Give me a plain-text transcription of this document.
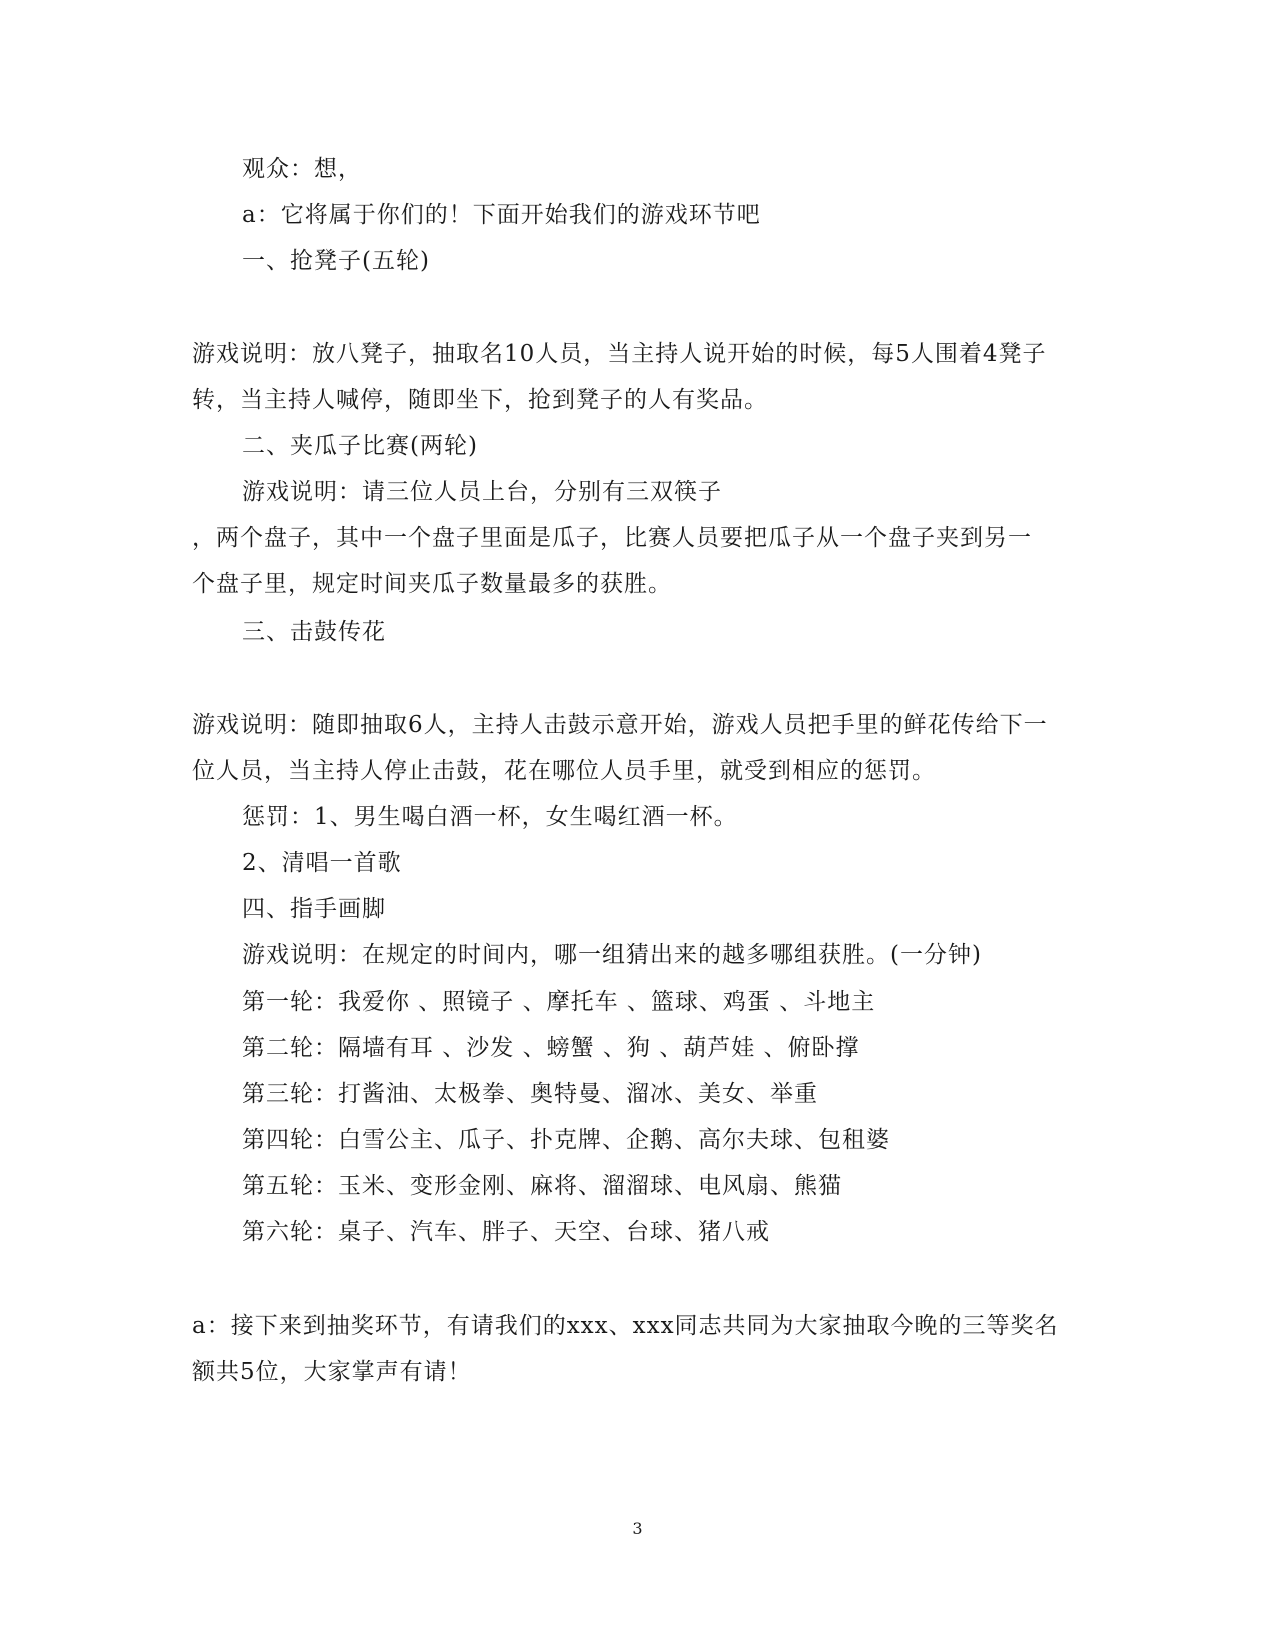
观众：想，
a：它将属于你们的！下面开始我们的游戏环节吧
一、抢凳子(五轮)
游戏说明：放八凳子，抽取名10人员，当主持人说开始的时候，每5人围着4凳子
转，当主持人喊停，随即坐下，抢到凳子的人有奖品。
二、夹瓜子比赛(两轮)
游戏说明：请三位人员上台，分别有三双筷子
，两个盘子，其中一个盘子里面是瓜子，比赛人员要把瓜子从一个盘子夹到另一
个盘子里，规定时间夹瓜子数量最多的获胜。
三、击鼓传花
游戏说明：随即抽取6人，主持人击鼓示意开始，游戏人员把手里的鲜花传给下一
位人员，当主持人停止击鼓，花在哪位人员手里，就受到相应的惩罚。
惩罚：1、男生喝白酒一杯，女生喝红酒一杯。
2、清唱一首歌
四、指手画脚
游戏说明：在规定的时间内，哪一组猜出来的越多哪组获胜。(一分钟)
第一轮：我爱你 、照镜子 、摩托车 、篮球、鸡蛋 、斗地主
第二轮：隔墙有耳 、沙发 、螃蟹 、狗 、葫芦娃 、俯卧撑
第三轮：打酱油、太极拳、奥特曼、溜冰、美女、举重
第四轮：白雪公主、瓜子、扑克牌、企鹅、高尔夫球、包租婆
第五轮：玉米、变形金刚、麻将、溜溜球、电风扇、熊猫
第六轮：桌子、汽车、胖子、天空、台球、猪八戒
a：接下来到抽奖环节，有请我们的xxx、xxx同志共同为大家抽取今晚的三等奖名
额共5位，大家掌声有请！
3
